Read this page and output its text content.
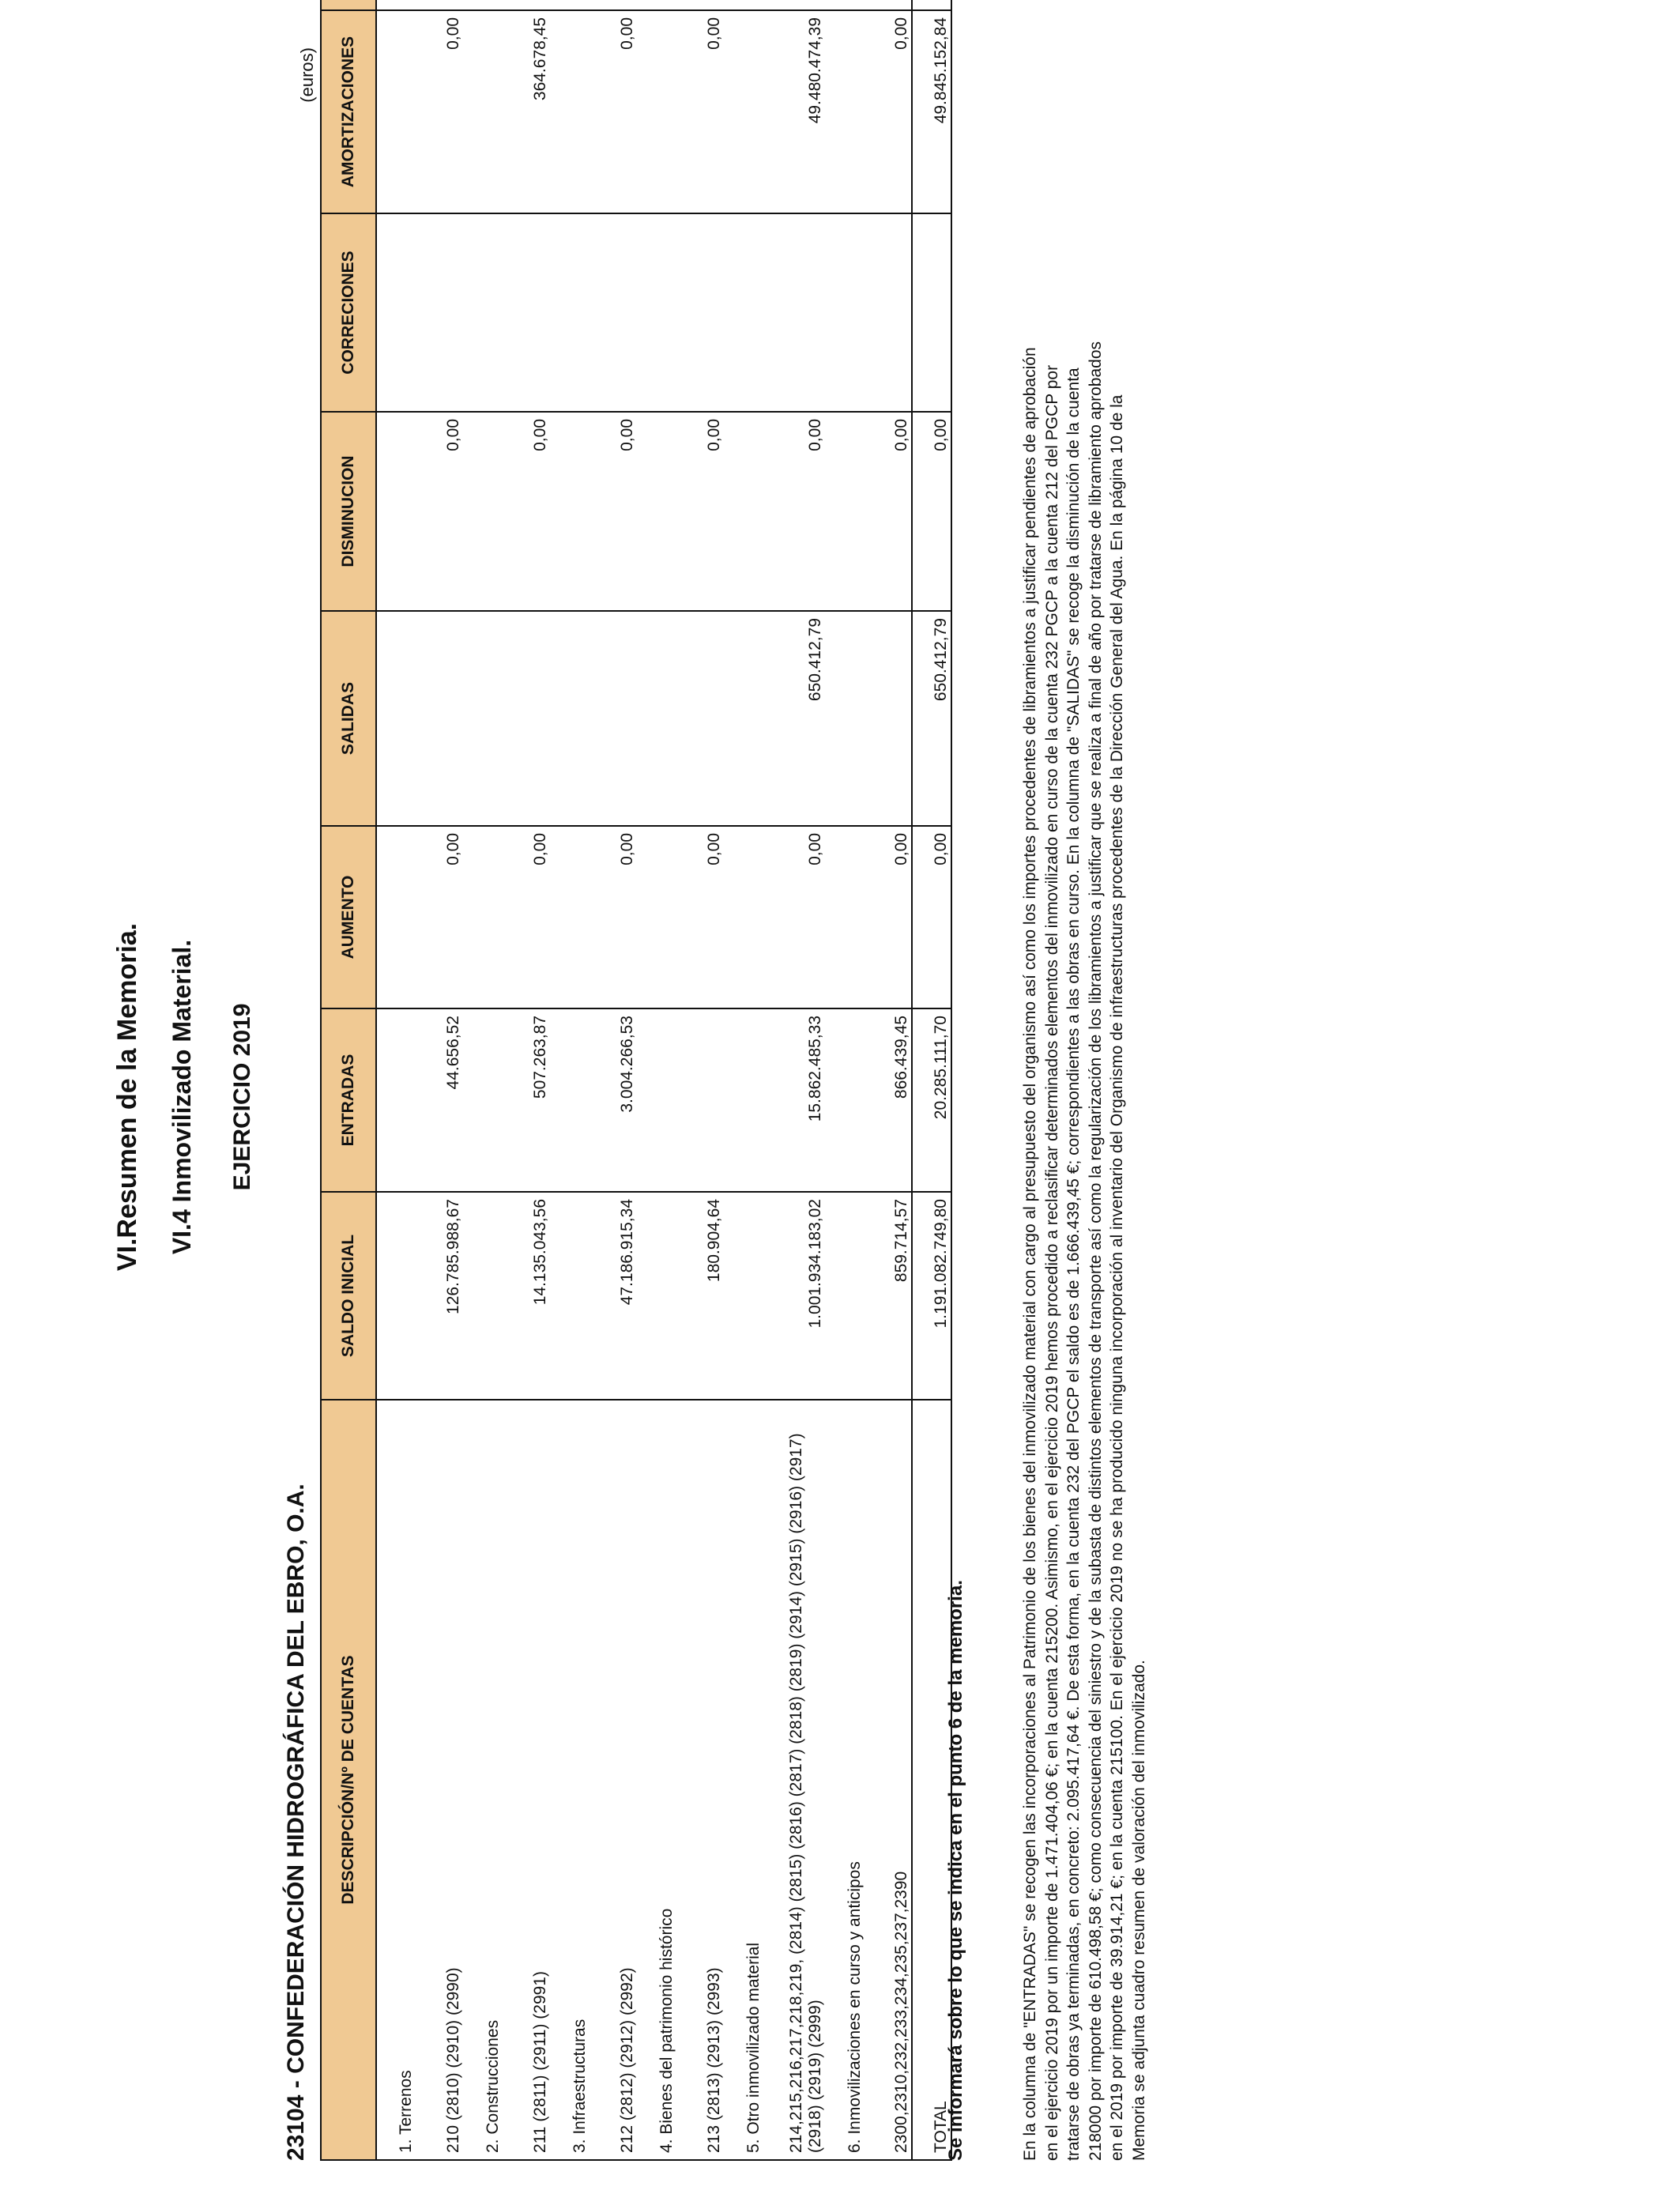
VI.Resumen de la Memoria. VI.4 Inmovilizado Material. EJERCICIO 2019
23104 - CONFEDERACIÓN HIDROGRÁFICA DEL EBRO, O.A.
(euros)
DESCRIPCIÓN/Nº DE CUENTAS	SALDO INICIAL	ENTRADAS	AUMENTO	SALIDAS	DISMINUCION	CORRECIONES	AMORTIZACIONES	
1. Terrenos								
210 (2810) (2910) (2990)	126.785.988,67	44.656,52	0,00		0,00		0,00	
2. Construcciones								
211 (2811) (2911) (2991)	14.135.043,56	507.263,87	0,00		0,00		364.678,45	
3. Infraestructuras								
212 (2812) (2912) (2992)	47.186.915,34	3.004.266,53	0,00		0,00		0,00	
4. Bienes del patrimonio histórico								
213 (2813) (2913) (2993)	180.904,64		0,00		0,00		0,00	
5. Otro inmovilizado material								
214,215,216,217,218,219, (2814) (2815) (2816) (2817) (2818) (2819) (2914) (2915) (2916) (2917) (2918) (2919) (2999)	1.001.934.183,02	15.862.485,33	0,00	650.412,79	0,00		49.480.474,39	
6. Inmovilizaciones en curso y anticipos								
2300,2310,232,233,234,235,237,2390	859.714,57	866.439,45	0,00		0,00		0,00	
TOTAL	1.191.082.749,80	20.285.111,70	0,00	650.412,79	0,00		49.845.152,84	
Se informará sobre lo que se indica en el punto 6 de la memoria.	En la columna de "ENTRADAS" se recogen las incorporaciones al Patrimonio de los bienes del inmovilizado material con cargo al presupuesto del organismo así como los importes procedentes de libramientos a justificar pendientes de aprobación en el ejercicio 2019 por un importe de 1.471.404,06 €; en la cuenta 215200. Asimismo, en el ejercicio 2019 hemos procedido a reclasificar determinados elementos del inmovilizado en curso de la cuenta 232 PGCP a la cuenta 212 del PGCP por tratarse de obras ya terminadas, en concreto: 2.095.417,64 €. De esta forma, en la cuenta 232 del PGCP el saldo es de 1.666.439,45 €; correspondientes a las obras en curso. En la columna de "SALIDAS" se recoge la disminución de la cuenta 218000 por importe de 610.498,58 €; como consecuencia del siniestro y de la subasta de distintos elementos de transporte así como la regularización de los libramientos a justificar que se realiza a final de año por tratarse de libramiento aprobados en el 2019 por importe de 39.914,21 €; en la cuenta 215100. En el ejercicio 2019 no se ha producido ninguna incorporación al inventario del Organismo de infraestructuras procedentes de la Dirección General del Agua. En la página 10 de la Memoria se adjunta cuadro resumen de valoración del inmovilizado.
